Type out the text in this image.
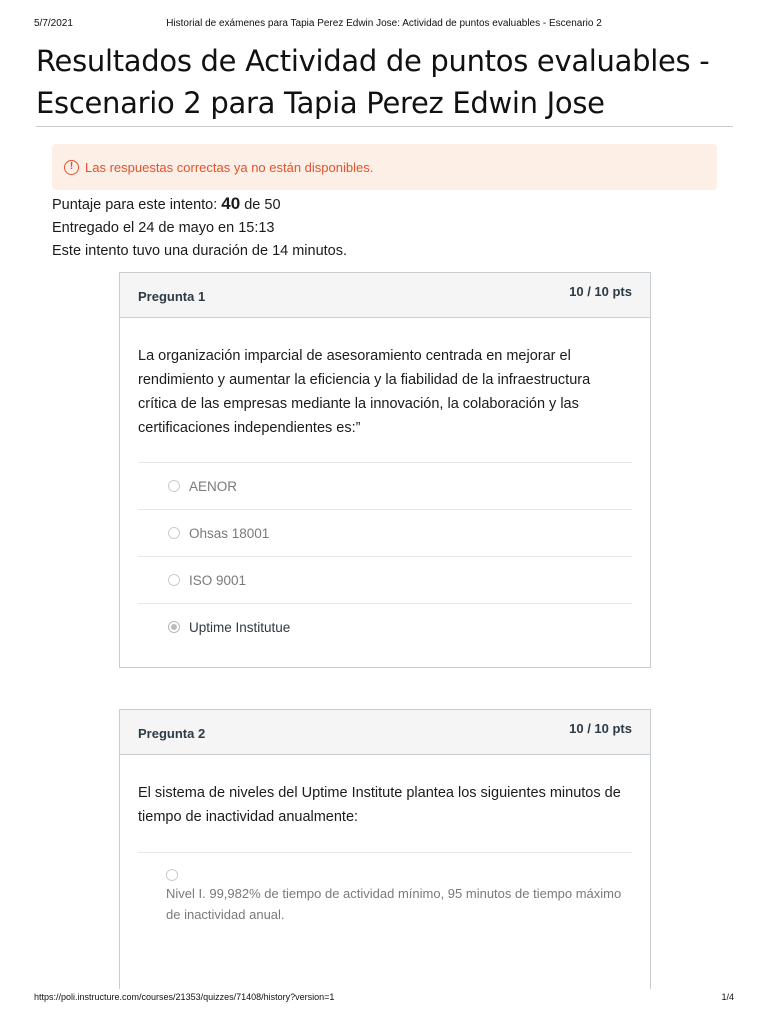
5/7/2021	Historial de exámenes para Tapia Perez Edwin Jose: Actividad de puntos evaluables - Escenario 2
Resultados de Actividad de puntos evaluables -
Escenario 2 para Tapia Perez Edwin Jose
! Las respuestas correctas ya no están disponibles.
Puntaje para este intento: 40 de 50
Entregado el 24 de mayo en 15:13
Este intento tuvo una duración de 14 minutos.
Pregunta 1	10 / 10 pts
La organización imparcial de asesoramiento centrada en mejorar el rendimiento y aumentar la eficiencia y la fiabilidad de la infraestructura crítica de las empresas mediante la innovación, la colaboración y las certificaciones independientes es:”
AENOR
Ohsas 18001
ISO 9001
Uptime Institutue
Pregunta 2	10 / 10 pts
El sistema de niveles del Uptime Institute plantea los siguientes minutos de tiempo de inactividad anualmente:
Nivel I. 99,982% de tiempo de actividad mínimo, 95 minutos de tiempo máximo de inactividad anual.
https://poli.instructure.com/courses/21353/quizzes/71408/history?version=1	1/4
